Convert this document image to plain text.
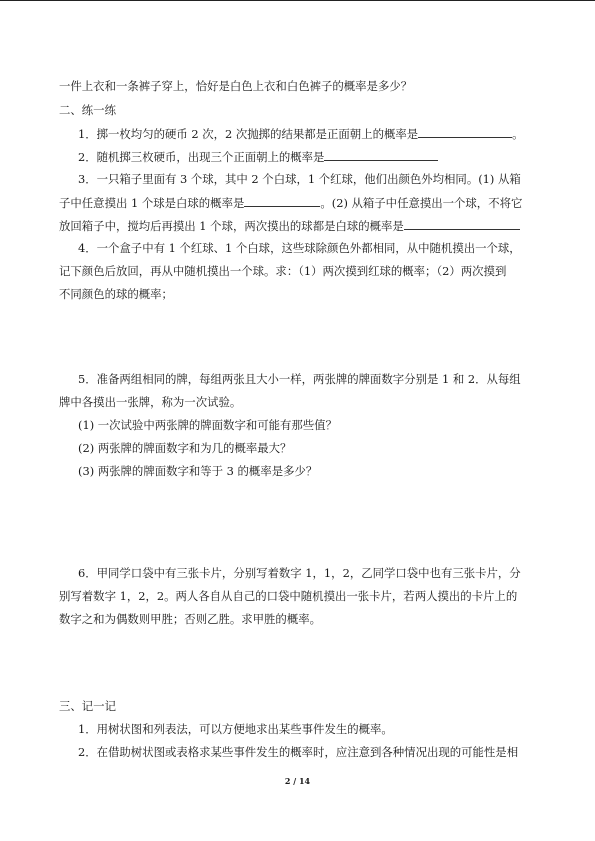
一件上衣和一条裤子穿上，恰好是白色上衣和白色裤子的概率是多少？
二、练一练
1．掷一枚均匀的硬币 2 次，2 次抛掷的结果都是正面朝上的概率是	。
2．随机掷三枚硬币，出现三个正面朝上的概率是
3．一只箱子里面有 3 个球，其中 2 个白球，1 个红球，他们出颜色外均相同。(1) 从箱
子中任意摸出 1 个球是白球的概率是	。(2) 从箱子中任意摸出一个球，不将它
放回箱子中，搅均后再摸出 1 个球，两次摸出的球都是白球的概率是
4．一个盒子中有 1 个红球、1 个白球，这些球除颜色外都相同，从中随机摸出一个球，
记下颜色后放回，再从中随机摸出一个球。求：（1）两次摸到红球的概率；（2）两次摸到
不同颜色的球的概率；
5．准备两组相同的牌，每组两张且大小一样，两张牌的牌面数字分别是 1 和 2．从每组
牌中各摸出一张牌，称为一次试验。
(1) 一次试验中两张牌的牌面数字和可能有那些值？
(2) 两张牌的牌面数字和为几的概率最大？
(3) 两张牌的牌面数字和等于 3 的概率是多少？
6．甲同学口袋中有三张卡片，分别写着数字 1，1，2，乙同学口袋中也有三张卡片，分
别写着数字 1，2，2。两人各自从自己的口袋中随机摸出一张卡片，若两人摸出的卡片上的
数字之和为偶数则甲胜；否则乙胜。求甲胜的概率。
三、记一记
1．用树状图和列表法，可以方便地求出某些事件发生的概率。
2．在借助树状图或表格求某些事件发生的概率时，应注意到各种情况出现的可能性是相
2 / 14
